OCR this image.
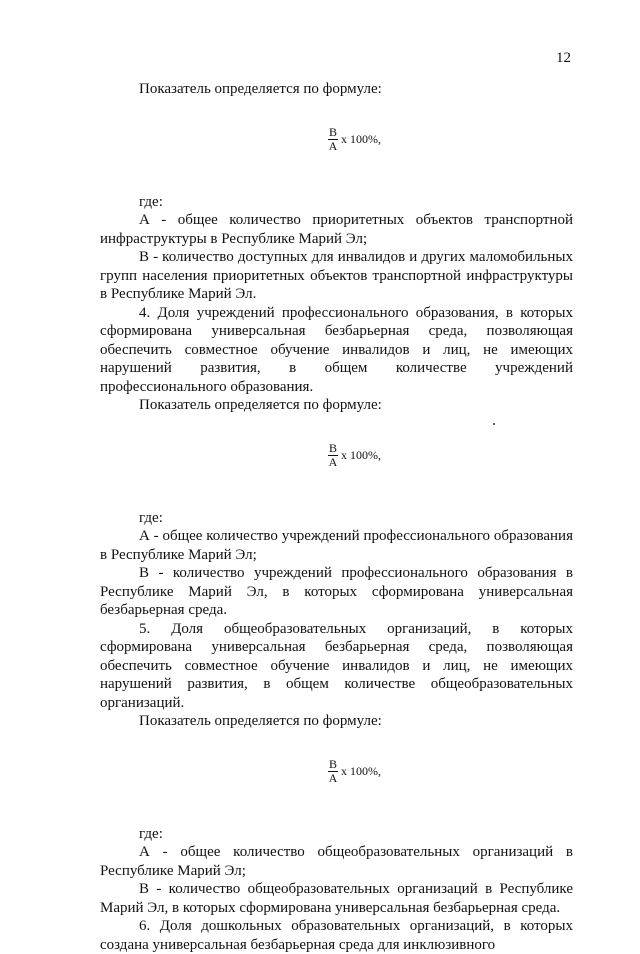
12

Показатель определяется по формуле:

$\frac{B}{A}$ x 100%,

где:

А - общее количество приоритетных объектов транспортной инфраструктуры в Республике Марий Эл;

В - количество доступных для инвалидов и других маломобильных групп населения приоритетных объектов транспортной инфраструктуры в Республике Марий Эл.

4. Доля учреждений профессионального образования, в которых сформирована универсальная безбарьерная среда, позволяющая обеспечить совместное обучение инвалидов и лиц, не имеющих нарушений развития, в общем количестве учреждений профессионального образования.

Показатель определяется по формуле:

$\frac{B}{A}$ x 100%,

где:

А - общее количество учреждений профессионального образования в Республике Марий Эл;

В - количество учреждений профессионального образования в Республике Марий Эл, в которых сформирована универсальная безбарьерная среда.

5. Доля общеобразовательных организаций, в которых сформирована универсальная безбарьерная среда, позволяющая обеспечить совместное обучение инвалидов и лиц, не имеющих нарушений развития, в общем количестве общеобразовательных организаций.

Показатель определяется по формуле:

$\frac{B}{A}$ x 100%,

где:

А - общее количество общеобразовательных организаций в Республике Марий Эл;

В - количество общеобразовательных организаций в Республике Марий Эл, в которых сформирована универсальная безбарьерная среда.

6. Доля дошкольных образовательных организаций, в которых создана универсальная безбарьерная среда для инклюзивного
